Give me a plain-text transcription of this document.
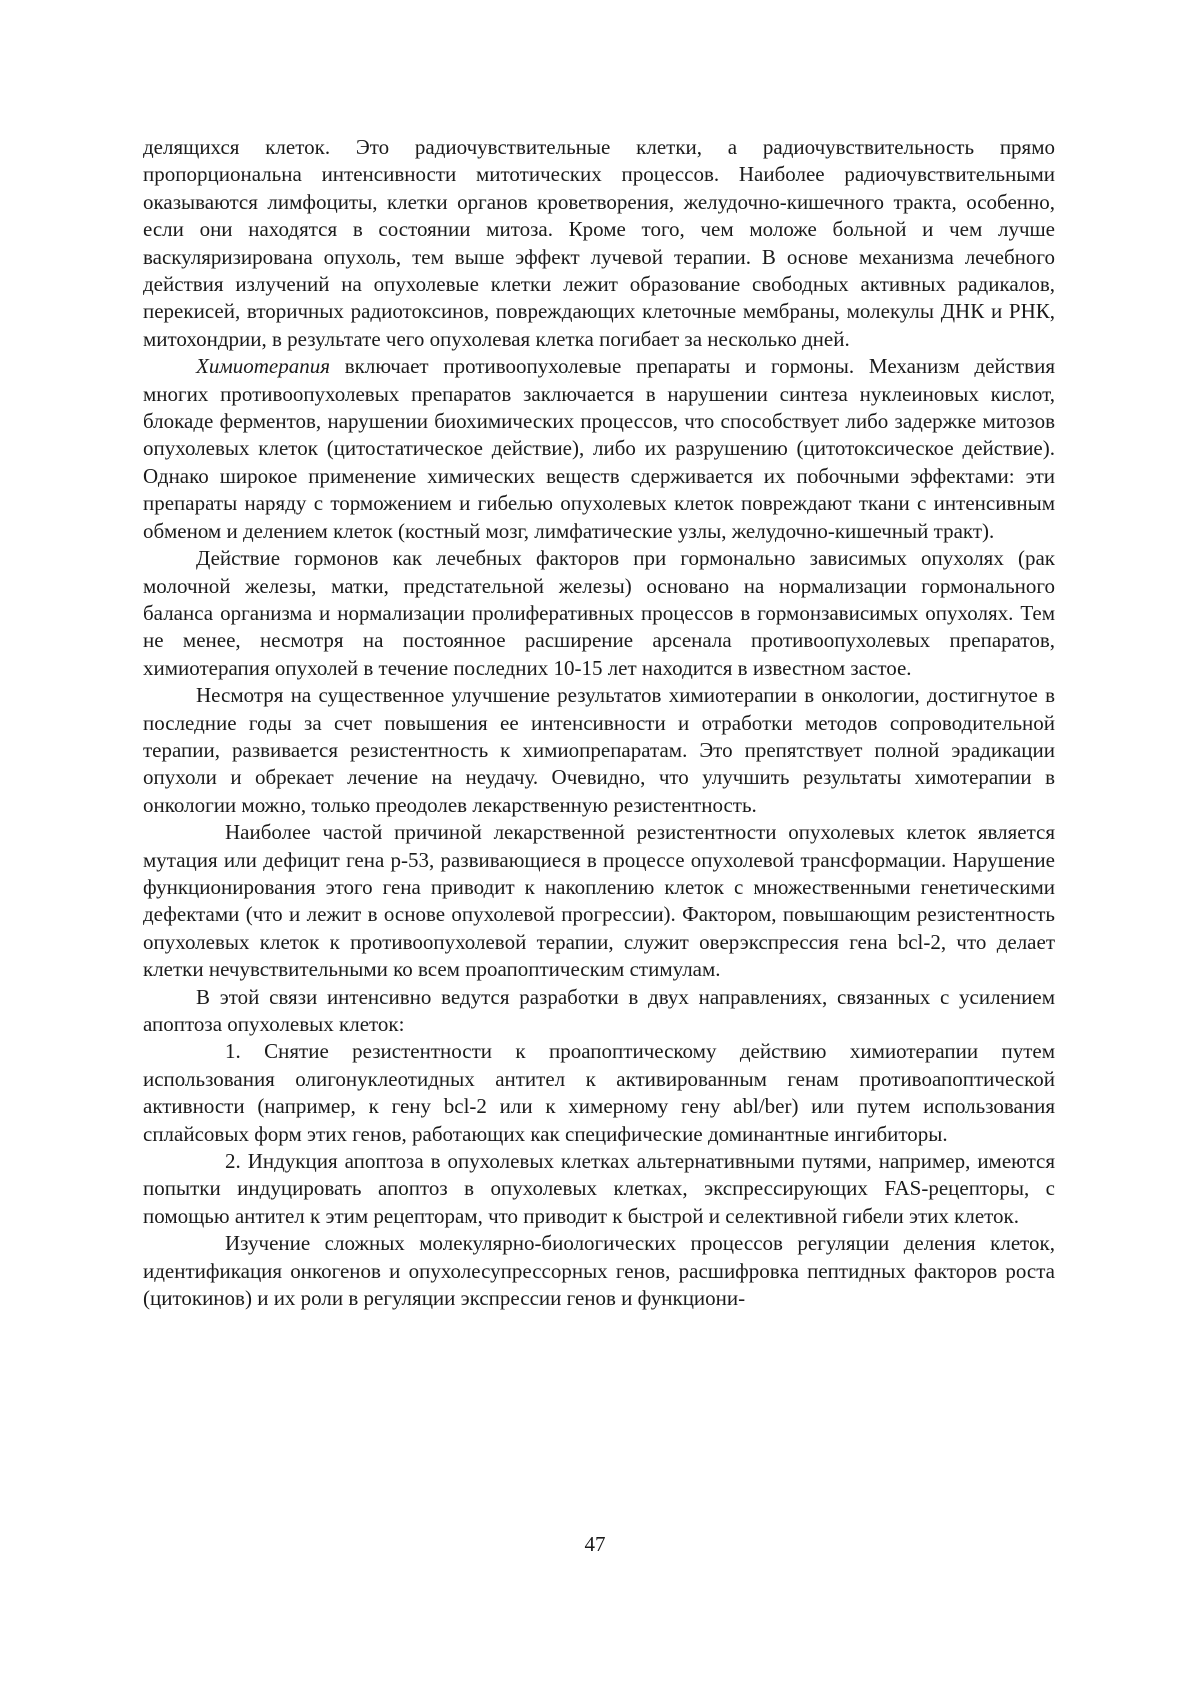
делящихся клеток. Это радиочувствительные клетки, а радиочувствительность прямо пропорциональна интенсивности митотических процессов. Наиболее радиочувствительными оказываются лимфоциты, клетки органов кроветворения, желудочно-кишечного тракта, особенно, если они находятся в состоянии митоза. Кроме того, чем моложе больной и чем лучше васкуляризирована опухоль, тем выше эффект лучевой терапии. В основе механизма лечебного действия излучений на опухолевые клетки лежит образование свободных активных радикалов, перекисей, вторичных радиотоксинов, повреждающих клеточные мембраны, молекулы ДНК и РНК, митохондрии, в результате чего опухолевая клетка погибает за несколько дней.

Химиотерапия включает противоопухолевые препараты и гормоны. Механизм действия многих противоопухолевых препаратов заключается в нарушении синтеза нуклеиновых кислот, блокаде ферментов, нарушении биохимических процессов, что способствует либо задержке митозов опухолевых клеток (цитостатическое действие), либо их разрушению (цитотоксическое действие). Однако широкое применение химических веществ сдерживается их побочными эффектами: эти препараты наряду с торможением и гибелью опухолевых клеток повреждают ткани с интенсивным обменом и делением клеток (костный мозг, лимфатические узлы, желудочно-кишечный тракт).

Действие гормонов как лечебных факторов при гормонально зависимых опухолях (рак молочной железы, матки, предстательной железы) основано на нормализации гормонального баланса организма и нормализации пролиферативных процессов в гормонзависимых опухолях. Тем не менее, несмотря на постоянное расширение арсенала противоопухолевых препаратов, химиотерапия опухолей в течение последних 10-15 лет находится в известном застое.

Несмотря на существенное улучшение результатов химиотерапии в онкологии, достигнутое в последние годы за счет повышения ее интенсивности и отработки методов сопроводительной терапии, развивается резистентность к химиопрепаратам. Это препятствует полной эрадикации опухоли и обрекает лечение на неудачу. Очевидно, что улучшить результаты химотерапии в онкологии можно, только преодолев лекарственную резистентность.

Наиболее частой причиной лекарственной резистентности опухолевых клеток является мутация или дефицит гена р-53, развивающиеся в процессе опухолевой трансформации. Нарушение функционирования этого гена приводит к накоплению клеток с множественными генетическими дефектами (что и лежит в основе опухолевой прогрессии). Фактором, повышающим резистентность опухолевых клеток к противоопухолевой терапии, служит оверэкспрессия гена bcl-2, что делает клетки нечувствительными ко всем проапоптическим стимулам.

В этой связи интенсивно ведутся разработки в двух направлениях, связанных с усилением апоптоза опухолевых клеток:

1. Снятие резистентности к проапоптическому действию химиотерапии путем использования олигонуклеотидных антител к активированным генам противоапоптической активности (например, к гену bcl-2 или к химерному гену abl/ber) или путем использования сплайсовых форм этих генов, работающих как специфические доминантные ингибиторы.

2. Индукция апоптоза в опухолевых клетках альтернативными путями, например, имеются попытки индуцировать апоптоз в опухолевых клетках, экспрессирующих FAS-рецепторы, с помощью антител к этим рецепторам, что приводит к быстрой и селективной гибели этих клеток.

Изучение сложных молекулярно-биологических процессов регуляции деления клеток, идентификация онкогенов и опухолесупрессорных генов, расшифровка пептидных факторов роста (цитокинов) и их роли в регуляции экспрессии генов и функциони-

47
